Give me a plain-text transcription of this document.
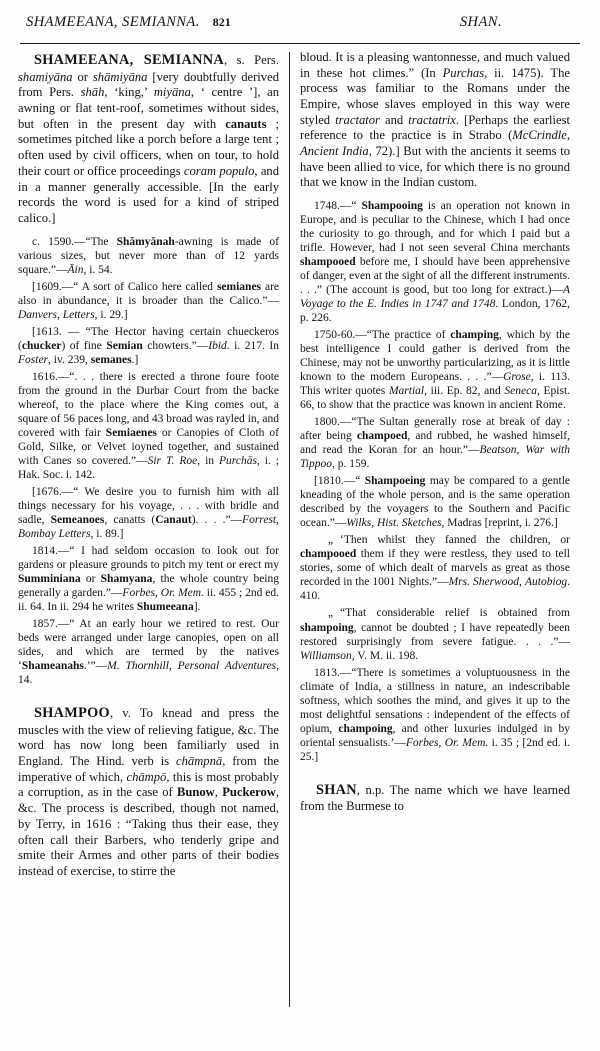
SHAMEEANA, SEMIANNA. 821	SHAN.

SHAMEEANA, SEMIANNA, s. Pers. shamiyāna or shāmiyāna [very doubtfully derived from Pers. shāh, ‘king,’ miyāna, ‘ centre ’], an awning or flat tent-roof, sometimes without sides, but often in the present day with canauts ; sometimes pitched like a porch before a large tent ; often used by civil officers, when on tour, to hold their court or office proceedings coram populo, and in a manner generally accessible. [In the early records the word is used for a kind of striped calico.]

c. 1590.—“The Shămyănah-awning is made of various sizes, but never more than of 12 yards square.”—Āin, i. 54.

[1609.—“ A sort of Calico here called semianes are also in abundance, it is broader than the Calico.”—Danvers, Letters, i. 29.]

[1613. — “The Hector having certain chueckeros (chucker) of fine Semian chowters.”—Ibid. i. 217. In Foster, iv. 239, semanes.]

1616.—“. . . there is erected a throne foure foote from the ground in the Durbar Court from the backe whereof, to the place where the King comes out, a square of 56 paces long, and 43 broad was rayled in, and covered with fair Semiaenes or Canopies of Cloth of Gold, Silke, or Velvet ioyned together, and sustained with Canes so covered.”—Sir T. Roe, in Purchās, i. ; Hak. Soc. i. 142.

[1676.—“ We desire you to furnish him with all things necessary for his voyage, . . . with bridle and sadle, Semeanoes, canatts (Canaut). . . .”—Forrest, Bombay Letters, i. 89.]

1814.—“ I had seldom occasion to look out for gardens or pleasure grounds to pitch my tent or erect my Summiniana or Shamyana, the whole country being generally a garden.”—Forbes, Or. Mem. ii. 455 ; 2nd ed. ii. 64. In ii. 294 he writes Shumeeana].

1857.—“ At an early hour we retired to rest. Our beds were arranged under large canopies, open on all sides, and which are termed by the natives ‘Shameanahs.’”—M. Thornhill, Personal Adventures, 14.

SHAMPOO, v. To knead and press the muscles with the view of relieving fatigue, &c. The word has now long been familiarly used in England. The Hind. verb is chāmpnā, from the imperative of which, chāmpō, this is most probably a corruption, as in the case of Bunow, Puckerow, &c. The process is described, though not named, by Terry, in 1616 : “Taking thus their ease, they often call their Barbers, who tenderly gripe and smite their Armes and other parts of their bodies instead of exercise, to stirre the

bloud. It is a pleasing wantonnesse, and much valued in these hot climes.” (In Purchas, ii. 1475). The process was familiar to the Romans under the Empire, whose slaves employed in this way were styled tractator and tractatrix. [Perhaps the earliest reference to the practice is in Strabo (McCrindle, Ancient India, 72).] But with the ancients it seems to have been allied to vice, for which there is no ground that we know in the Indian custom.

1748.—“ Shampooing is an operation not known in Europe, and is peculiar to the Chinese, which I had once the curiosity to go through, and for which I paid but a trifle. However, had I not seen several China merchants shampooed before me, I should have been apprehensive of danger, even at the sight of all the different instruments. . . .” (The account is good, but too long for extract.)—A Voyage to the E. Indies in 1747 and 1748. London, 1762, p. 226.

1750-60.—“The practice of champing, which by the best intelligence I could gather is derived from the Chinese, may not be unworthy particularizing, as it is little known to the modern Europeans. . . .”—Grose, i. 113. This writer quotes Martial, iii. Ep. 82, and Seneca, Epist. 66, to show that the practice was known in ancient Rome.

1800.—“The Sultan generally rose at break of day : after being champoed, and rubbed, he washed himself, and read the Koran for an hour.”—Beatson, War with Tippoo, p. 159.

[1810.—“ Shampoeing may be compared to a gentle kneading of the whole person, and is the same operation described by the voyagers to the Southern and Pacific ocean.”—Wilks, Hist. Sketches, Madras [reprint, i. 276.]

„ ‘Then whilst they fanned the children, or champooed them if they were restless, they used to tell stories, some of which dealt of marvels as great as those recorded in the 1001 Nights.”—Mrs. Sherwood, Autobiog. 410.

„ “That considerable relief is obtained from shampoing, cannot be doubted ; I have repeatedly been restored surprisingly from severe fatigue. . . .”—Williamson, V. M. ii. 198.

1813.—“There is sometimes a voluptuousness in the climate of India, a stillness in nature, an indescribable softness, which soothes the mind, and gives it up to the most delightful sensations : independent of the effects of opium, champoing, and other luxuries indulged in by oriental sensualists.’—Forbes, Or. Mem. i. 35 ; [2nd ed. i. 25.]

SHAN, n.p. The name which we have learned from the Burmese to
